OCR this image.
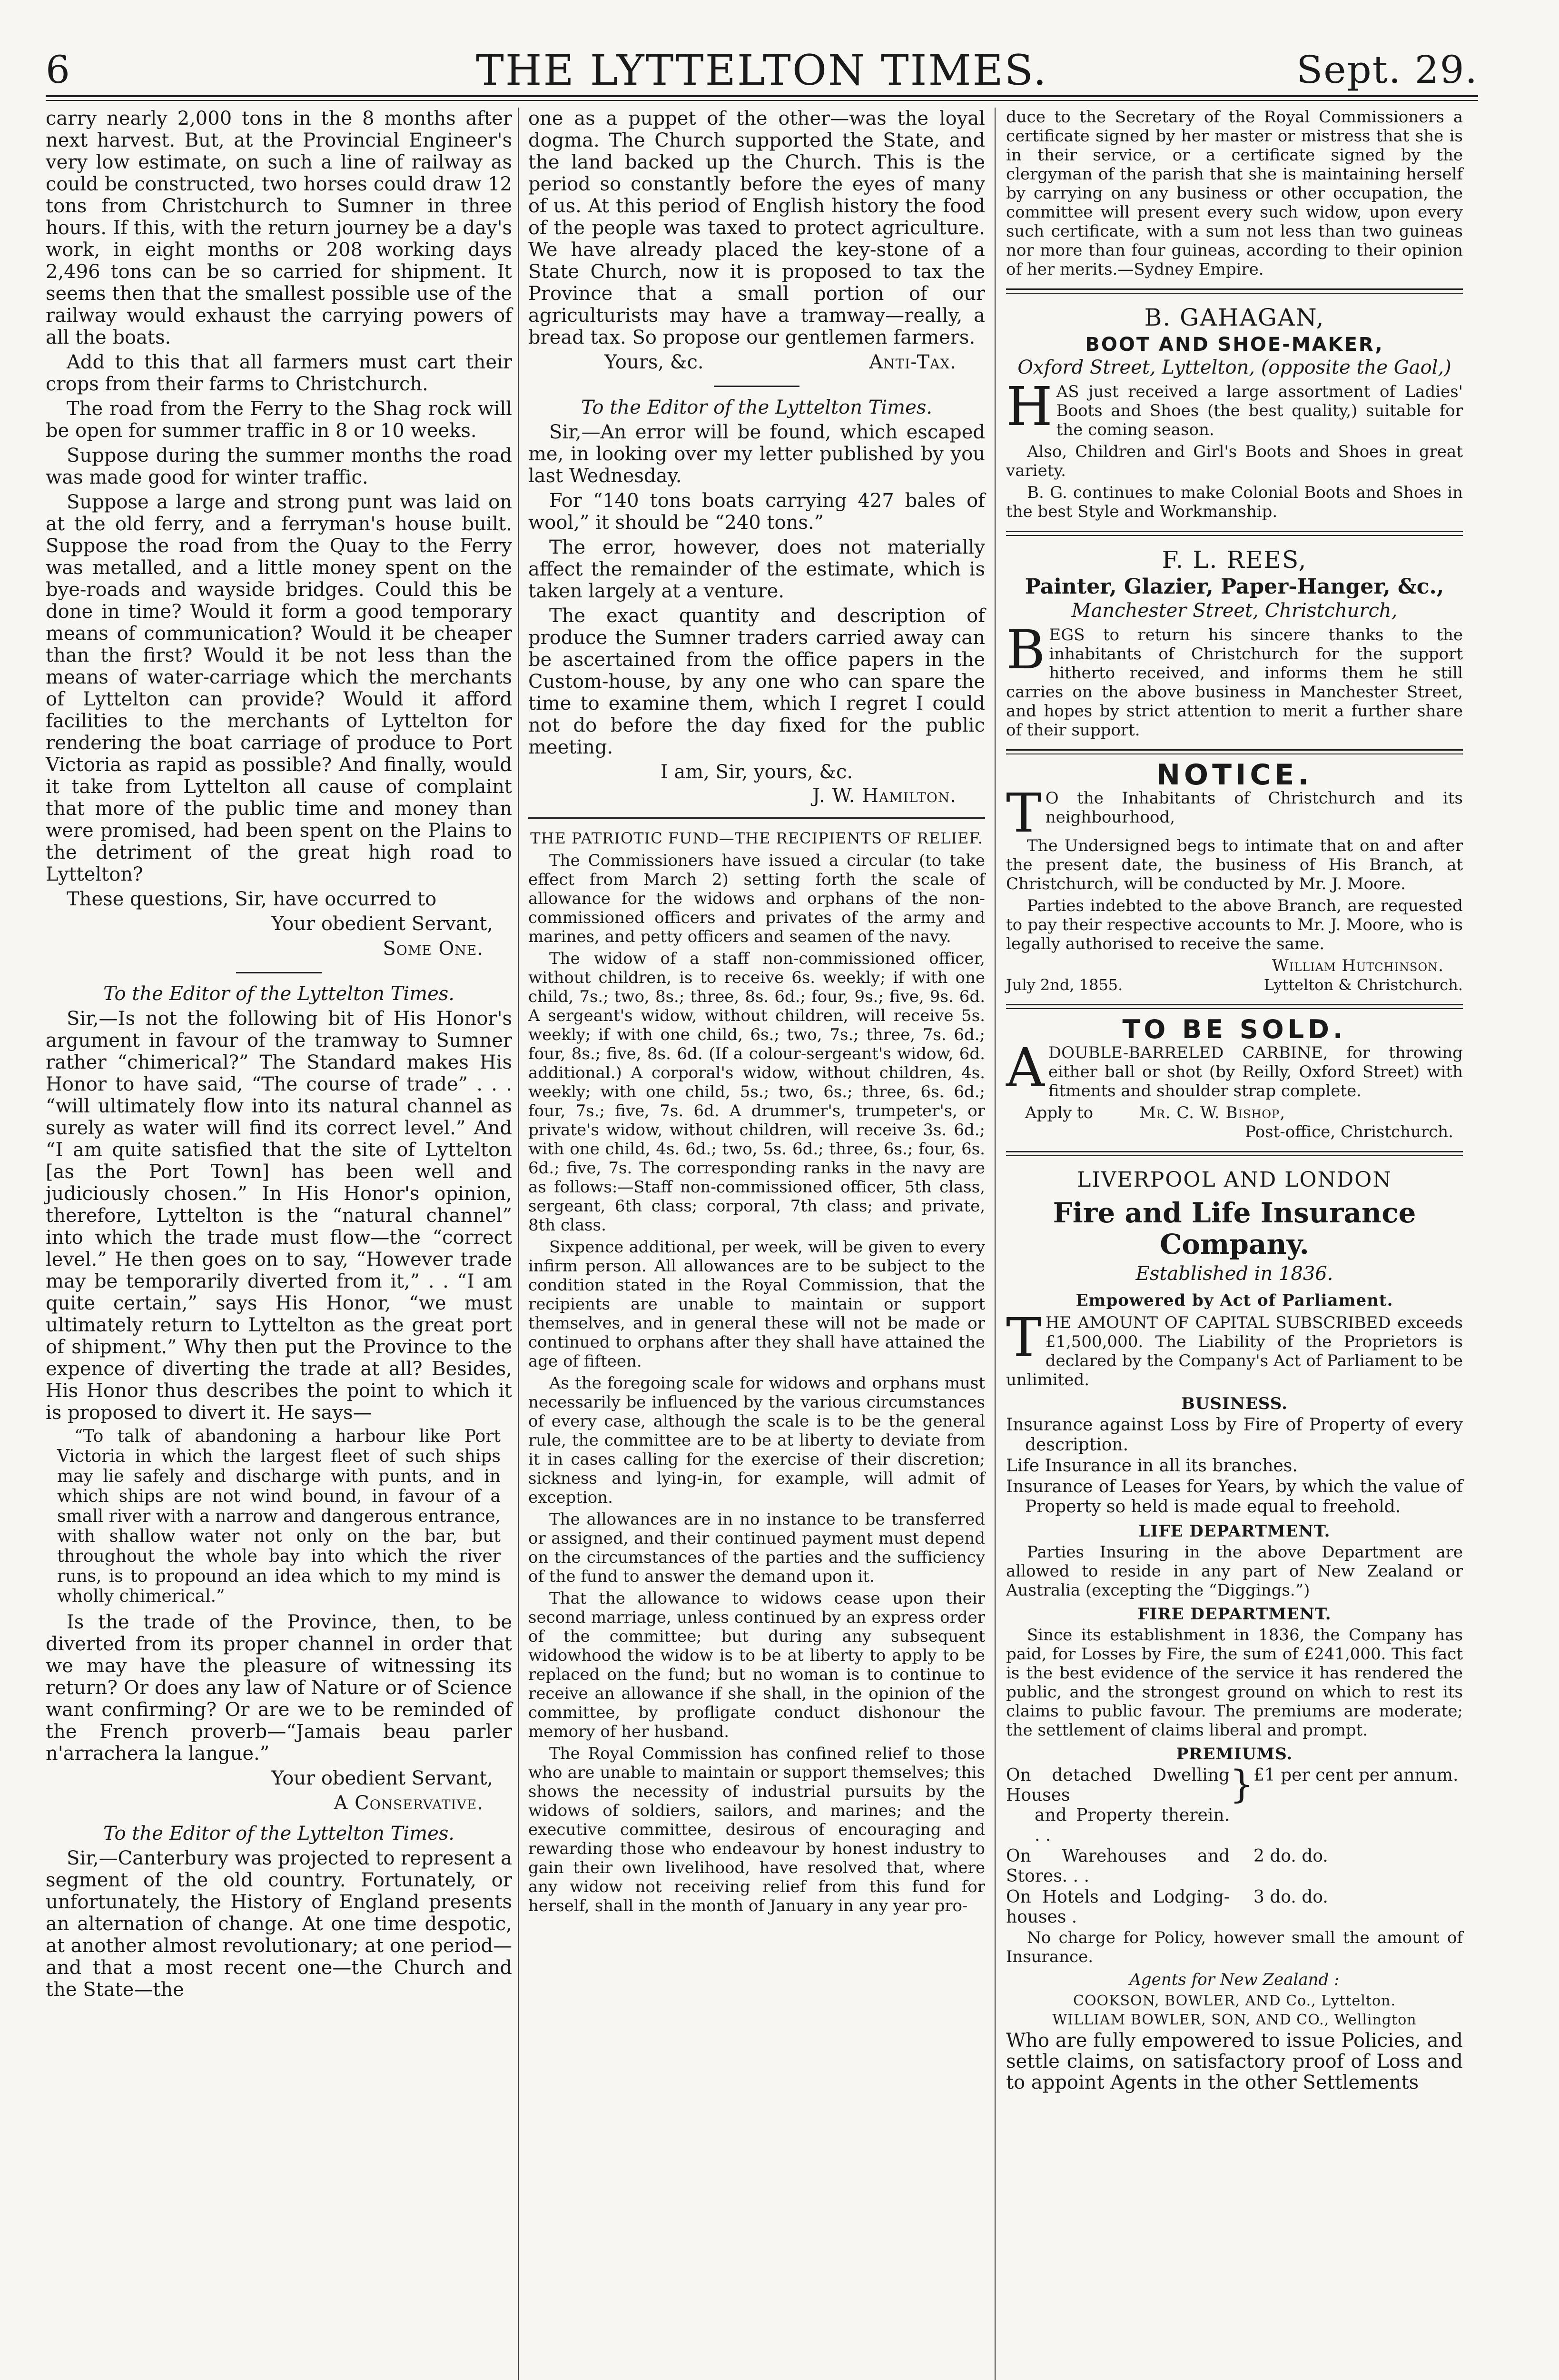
6	THE LYTTELTON TIMES.	Sept. 29.

carry nearly 2,000 tons in the 8 months after next harvest. But, at the Provincial Engineer's very low estimate, on such a line of railway as could be constructed, two horses could draw 12 tons from Christchurch to Sumner in three hours. If this, with the return journey be a day's work, in eight months or 208 working days 2,496 tons can be so carried for shipment. It seems then that the smallest possible use of the railway would exhaust the carrying powers of all the boats.

Add to this that all farmers must cart their crops from their farms to Christchurch.

The road from the Ferry to the Shag rock will be open for summer traffic in 8 or 10 weeks.

Suppose during the summer months the road was made good for winter traffic.

Suppose a large and strong punt was laid on at the old ferry, and a ferryman's house built. Suppose the road from the Quay to the Ferry was metalled, and a little money spent on the bye-roads and wayside bridges. Could this be done in time? Would it form a good temporary means of communication? Would it be cheaper than the first? Would it be not less than the means of water-carriage which the merchants of Lyttelton can provide? Would it afford facilities to the merchants of Lyttelton for rendering the boat carriage of produce to Port Victoria as rapid as possible? And finally, would it take from Lyttelton all cause of complaint that more of the public time and money than were promised, had been spent on the Plains to the detriment of the great high road to Lyttelton?

These questions, Sir, have occurred to

Your obedient Servant,
Some One.
To the Editor of the Lyttelton Times.

Sir,—Is not the following bit of His Honor's argument in favour of the tramway to Sumner rather “chimerical?” The Standard makes His Honor to have said, “The course of trade” . . . “will ultimately flow into its natural channel as surely as water will find its correct level.” And “I am quite satisfied that the site of Lyttelton [as the Port Town] has been well and judiciously chosen.” In His Honor's opinion, therefore, Lyttelton is the “natural channel” into which the trade must flow—the “correct level.” He then goes on to say, “However trade may be temporarily diverted from it,” . . “I am quite certain,” says His Honor, “we must ultimately return to Lyttelton as the great port of shipment.” Why then put the Province to the expence of diverting the trade at all? Besides, His Honor thus describes the point to which it is proposed to divert it. He says—

“To talk of abandoning a harbour like Port Victoria in which the largest fleet of such ships may lie safely and discharge with punts, and in which ships are not wind bound, in favour of a small river with a narrow and dangerous entrance, with shallow water not only on the bar, but throughout the whole bay into which the river runs, is to propound an idea which to my mind is wholly chimerical.”

Is the trade of the Province, then, to be diverted from its proper channel in order that we may have the pleasure of witnessing its return? Or does any law of Nature or of Science want confirming? Or are we to be reminded of the French proverb—“Jamais beau parler n'arrachera la langue.”

Your obedient Servant,
A Conservative.
To the Editor of the Lyttelton Times.

Sir,—Canterbury was projected to represent a segment of the old country. Fortunately, or unfortunately, the History of England presents an alternation of change. At one time despotic, at another almost revolutionary; at one period—and that a most recent one—the Church and the State—the

one as a puppet of the other—was the loyal dogma. The Church supported the State, and the land backed up the Church. This is the period so constantly before the eyes of many of us. At this period of English history the food of the people was taxed to protect agriculture. We have already placed the key-stone of a State Church, now it is proposed to tax the Province that a small portion of our agriculturists may have a tramway—really, a bread tax. So propose our gentlemen farmers.

Yours, &c.	Anti-Tax.
To the Editor of the Lyttelton Times.

Sir,—An error will be found, which escaped me, in looking over my letter published by you last Wednesday.

For “140 tons boats carrying 427 bales of wool,” it should be “240 tons.”

The error, however, does not materially affect the remainder of the estimate, which is taken largely at a venture.

The exact quantity and description of produce the Sumner traders carried away can be ascertained from the office papers in the Custom-house, by any one who can spare the time to examine them, which I regret I could not do before the day fixed for the public meeting.

I am, Sir, yours, &c.
J. W. Hamilton.
THE PATRIOTIC FUND—THE RECIPIENTS OF RELIEF.

The Commissioners have issued a circular (to take effect from March 2) setting forth the scale of allowance for the widows and orphans of the non-commissioned officers and privates of the army and marines, and petty officers and seamen of the navy.

The widow of a staff non-commissioned officer, without children, is to receive 6s. weekly; if with one child, 7s.; two, 8s.; three, 8s. 6d.; four, 9s.; five, 9s. 6d. A sergeant's widow, without children, will receive 5s. weekly; if with one child, 6s.; two, 7s.; three, 7s. 6d.; four, 8s.; five, 8s. 6d. (If a colour-sergeant's widow, 6d. additional.) A corporal's widow, without children, 4s. weekly; with one child, 5s.; two, 6s.; three, 6s. 6d.; four, 7s.; five, 7s. 6d. A drummer's, trumpeter's, or private's widow, without children, will receive 3s. 6d.; with one child, 4s. 6d.; two, 5s. 6d.; three, 6s.; four, 6s. 6d.; five, 7s. The corresponding ranks in the navy are as follows:—Staff non-commissioned officer, 5th class, sergeant, 6th class; corporal, 7th class; and private, 8th class.

Sixpence additional, per week, will be given to every infirm person. All allowances are to be subject to the condition stated in the Royal Commission, that the recipients are unable to maintain or support themselves, and in general these will not be made or continued to orphans after they shall have attained the age of fifteen.

As the foregoing scale for widows and orphans must necessarily be influenced by the various circumstances of every case, although the scale is to be the general rule, the committee are to be at liberty to deviate from it in cases calling for the exercise of their discretion; sickness and lying-in, for example, will admit of exception.

The allowances are in no instance to be transferred or assigned, and their continued payment must depend on the circumstances of the parties and the sufficiency of the fund to answer the demand upon it.

That the allowance to widows cease upon their second marriage, unless continued by an express order of the committee; but during any subsequent widowhood the widow is to be at liberty to apply to be replaced on the fund; but no woman is to continue to receive an allowance if she shall, in the opinion of the committee, by profligate conduct dishonour the memory of her husband.

The Royal Commission has confined relief to those who are unable to maintain or support themselves; this shows the necessity of industrial pursuits by the widows of soldiers, sailors, and marines; and the executive committee, desirous of encouraging and rewarding those who endeavour by honest industry to gain their own livelihood, have resolved that, where any widow not receiving relief from this fund for herself, shall in the month of January in any year pro-

duce to the Secretary of the Royal Commissioners a certificate signed by her master or mistress that she is in their service, or a certificate signed by the clergyman of the parish that she is maintaining herself by carrying on any business or other occupation, the committee will present every such widow, upon every such certificate, with a sum not less than two guineas nor more than four guineas, according to their opinion of her merits.—Sydney Empire.

B. GAHAGAN,
BOOT AND SHOE-MAKER,
Oxford Street, Lyttelton, (opposite the Gaol,)

HAS just received a large assortment of Ladies' Boots and Shoes (the best quality,) suitable for the coming season.

Also, Children and Girl's Boots and Shoes in great variety.

B. G. continues to make Colonial Boots and Shoes in the best Style and Workmanship.

F. L. REES,
Painter, Glazier, Paper-Hanger, &c.,
Manchester Street, Christchurch,

BEGS to return his sincere thanks to the inhabitants of Christchurch for the support hitherto received, and informs them he still carries on the above business in Manchester Street, and hopes by strict attention to merit a further share of their support.

NOTICE.

T O the Inhabitants of Christchurch and its neighbourhood,

The Undersigned begs to intimate that on and after the present date, the business of His Branch, at Christchurch, will be conducted by Mr. J. Moore.

Parties indebted to the above Branch, are requested to pay their respective accounts to Mr. J. Moore, who is legally authorised to receive the same.

William Hutchinson.
July 2nd, 1855.	Lyttelton & Christchurch.
TO BE SOLD.

ADOUBLE-BARRELED CARBINE, for throwing either ball or shot (by Reilly, Oxford Street) with fitments and shoulder strap complete.

Apply to	Mr. C. W. Bishop,
Post-office, Christchurch.
LIVERPOOL AND LONDON
Fire and Life Insurance Company.
Established in 1836.
Empowered by Act of Parliament.

THE AMOUNT OF CAPITAL SUBSCRIBED exceeds £1,500,000. The Liability of the Proprietors is declared by the Company's Act of Parliament to be unlimited.

BUSINESS.
Insurance against Loss by Fire of Property of every description.
Life Insurance in all its branches.
Insurance of Leases for Years, by which the value of Property so held is made equal to freehold.
LIFE DEPARTMENT.

Parties Insuring in the above Department are allowed to reside in any part of New Zealand or Australia (excepting the “Diggings.”)

FIRE DEPARTMENT.

Since its establishment in 1836, the Company has paid, for Losses by Fire, the sum of £241,000. This fact is the best evidence of the service it has rendered the public, and the strongest ground on which to rest its claims to public favour. The premiums are moderate; the settlement of claims liberal and prompt.

PREMIUMS.
On detached Dwelling Houses
and Property therein. . .
} £1 per cent per annum.
On Warehouses and Stores. . .
2 do. do.
On Hotels and Lodging-houses .
3 do. do.

No charge for Policy, however small the amount of Insurance.

Agents for New Zealand :
COOKSON, BOWLER, AND Co., Lyttelton.
WILLIAM BOWLER, SON, AND CO., Wellington

Who are fully empowered to issue Policies, and settle claims, on satisfactory proof of Loss and to appoint Agents in the other Settlements
